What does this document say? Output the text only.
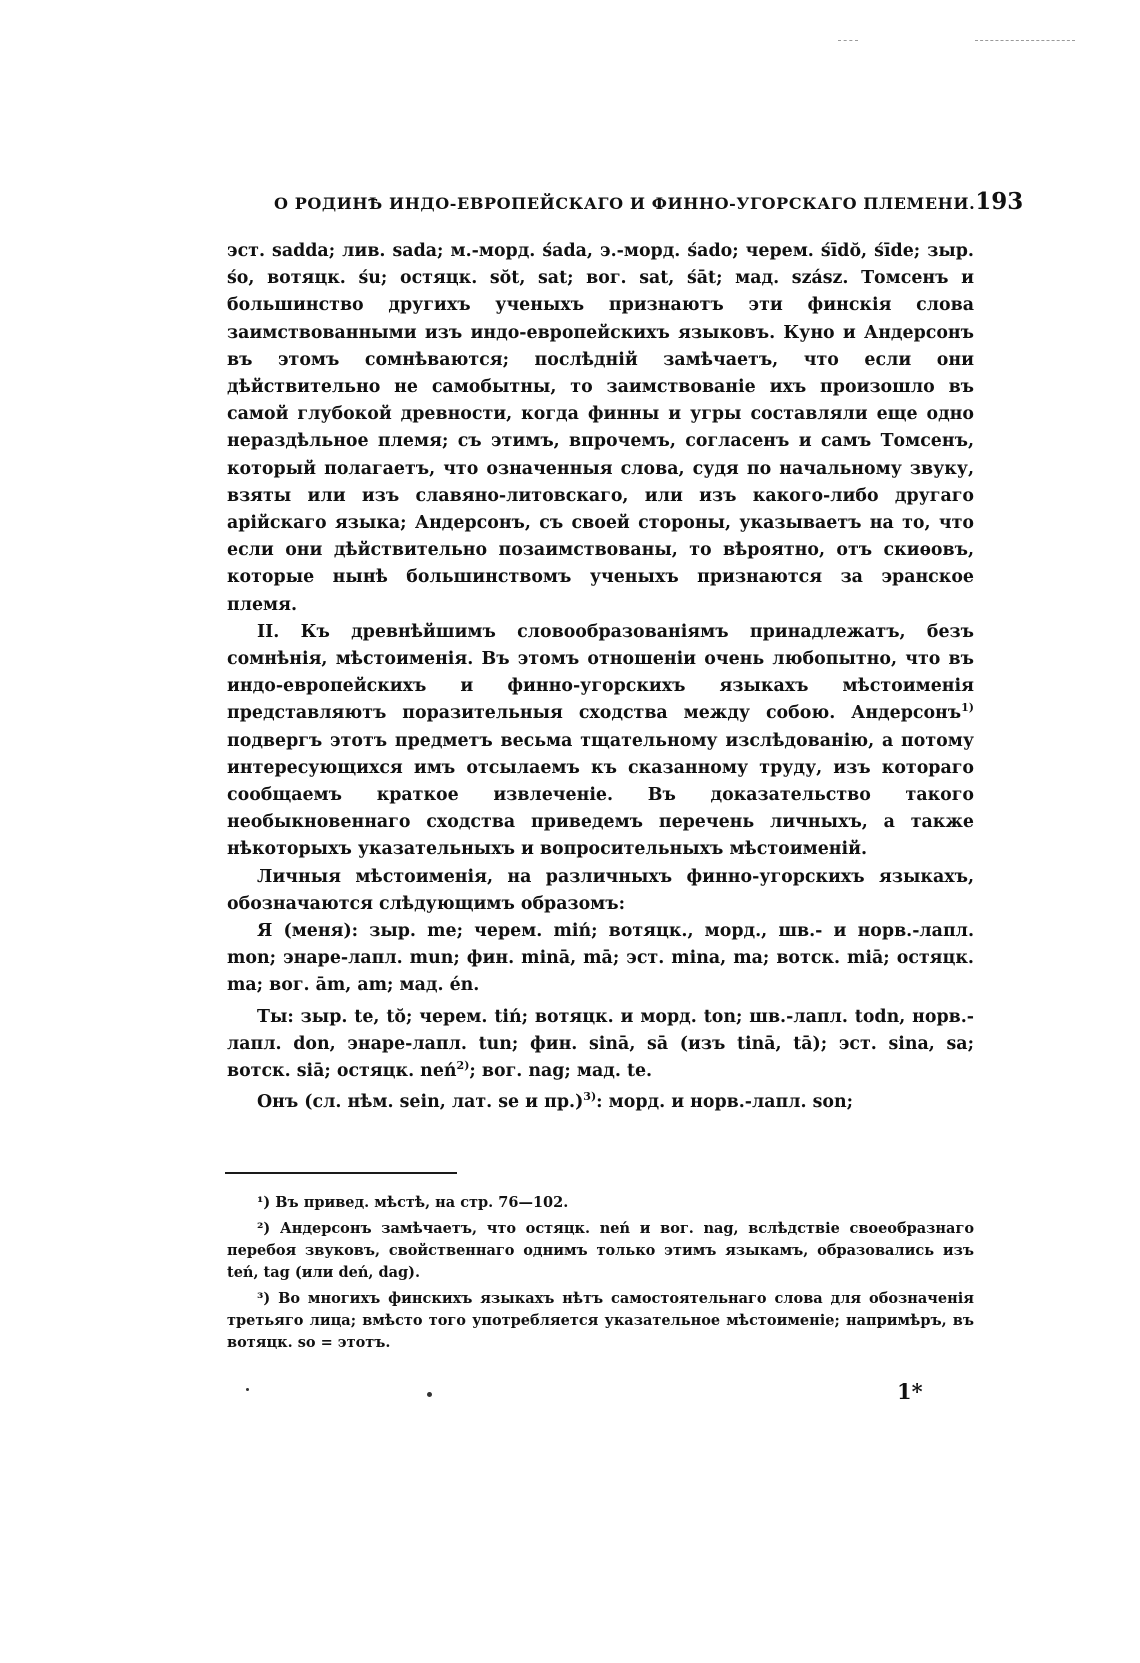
О РОДИНѢ ИНДО-ЕВРОПЕЙСКАГО И ФИННО-УГОРСКАГО ПЛЕМЕНИ. 193

эст. sadda; лив. sada; м.-морд. śada, э.-морд. śado; черем. śīdŏ, śīde; зыр. śo, вотяцк. śu; остяцк. sŏt, sat; вог. sat, śāt; мад. szász. Томсенъ и большинство другихъ ученыхъ признаютъ эти финскія слова заимствованными изъ индо-европейскихъ языковъ. Куно и Андерсонъ въ этомъ сомнѣваются; послѣдній замѣчаетъ, что если они дѣйствительно не самобытны, то заимствованіе ихъ произошло въ самой глубокой древности, когда финны и угры составляли еще одно нераздѣльное племя; съ этимъ, впрочемъ, согласенъ и самъ Томсенъ, который полагаетъ, что означенныя слова, судя по начальному звуку, взяты или изъ славяно-литовскаго, или изъ какого-либо другаго арійскаго языка; Андерсонъ, съ своей стороны, указываетъ на то, что если они дѣйствительно позаимствованы, то вѣроятно, отъ скиѳовъ, которые нынѣ большинствомъ ученыхъ признаются за эранское племя.

II. Къ древнѣйшимъ словообразованіямъ принадлежатъ, безъ сомнѣнія, мѣстоименія. Въ этомъ отношеніи очень любопытно, что въ индо-европейскихъ и финно-угорскихъ языкахъ мѣстоименія представляютъ поразительныя сходства между собою. Андерсонъ$^{1)}$ подвергъ этотъ предметъ весьма тщательному изслѣдованію, а потому интересующихся имъ отсылаемъ къ сказанному труду, изъ котораго сообщаемъ краткое извлеченіе. Въ доказательство такого необыкновеннаго сходства приведемъ перечень личныхъ, а также нѣкоторыхъ указательныхъ и вопросительныхъ мѣстоименій.

Личныя мѣстоименія, на различныхъ финно-угорскихъ языкахъ, обозначаются слѣдующимъ образомъ:

Я (меня): зыр. me; черем. miń; вотяцк., морд., шв.- и норв.-лапл. mon; энаре-лапл. mun; фин. minā, mā; эст. mina, ma; вотск. miā; остяцк. ma; вог. ām, am; мад. én.

Ты: зыр. te, tŏ; черем. tiń; вотяцк. и морд. ton; шв.-лапл. todn, норв.-лапл. don, энаре-лапл. tun; фин. sinā, sā (изъ tinā, tā); эст. sina, sa; вотск. siā; остяцк. neń$^{2)}$; вог. nag; мад. te.

Онъ (сл. нѣм. sein, лат. se и пр.)$^{3)}$: морд. и норв.-лапл. son;

¹) Въ привед. мѣстѣ, на стр. 76—102.

²) Андерсонъ замѣчаетъ, что остяцк. neń и вог. nag, вслѣдствіе своеобразнаго перебоя звуковъ, свойственнаго однимъ только этимъ языкамъ, образовались изъ teń, tag (или deń, dag).

³) Во многихъ финскихъ языкахъ нѣтъ самостоятельнаго слова для обозначенія третьяго лица; вмѣсто того употребляется указательное мѣстоименіе; напримѣръ, въ вотяцк. so = этотъ.

1*
